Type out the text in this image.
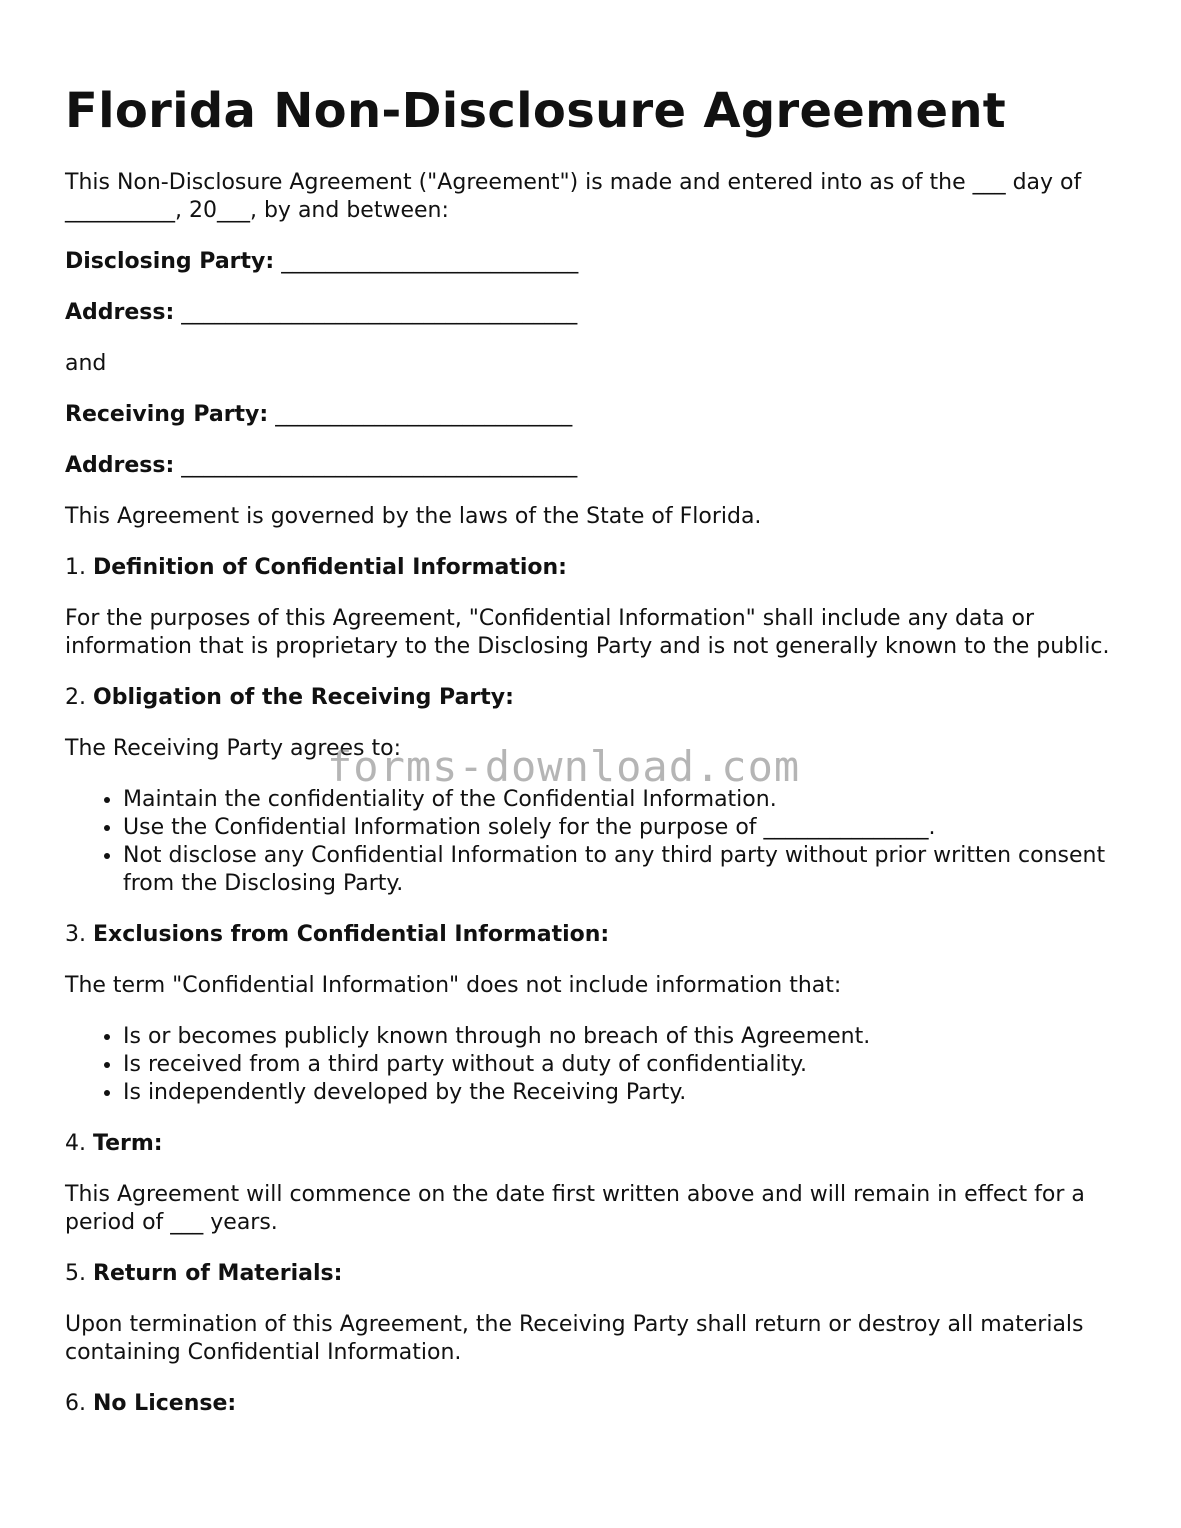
Florida Non-Disclosure Agreement

This Non-Disclosure Agreement ("Agreement") is made and entered into as of the ___ day of __________, 20___, by and between:

Disclosing Party: ___________________________

Address: ____________________________________

and

Receiving Party: ___________________________

Address: ____________________________________

This Agreement is governed by the laws of the State of Florida.

1. Definition of Confidential Information:

For the purposes of this Agreement, "Confidential Information" shall include any data or information that is proprietary to the Disclosing Party and is not generally known to the public.

2. Obligation of the Receiving Party:

The Receiving Party agrees to:

• Maintain the confidentiality of the Confidential Information.
• Use the Confidential Information solely for the purpose of _______________.
• Not disclose any Confidential Information to any third party without prior written consent from the Disclosing Party.

3. Exclusions from Confidential Information:

The term "Confidential Information" does not include information that:

• Is or becomes publicly known through no breach of this Agreement.
• Is received from a third party without a duty of confidentiality.
• Is independently developed by the Receiving Party.

4. Term:

This Agreement will commence on the date first written above and will remain in effect for a period of ___ years.

5. Return of Materials:

Upon termination of this Agreement, the Receiving Party shall return or destroy all materials containing Confidential Information.

6. No License:

forms-download.com
